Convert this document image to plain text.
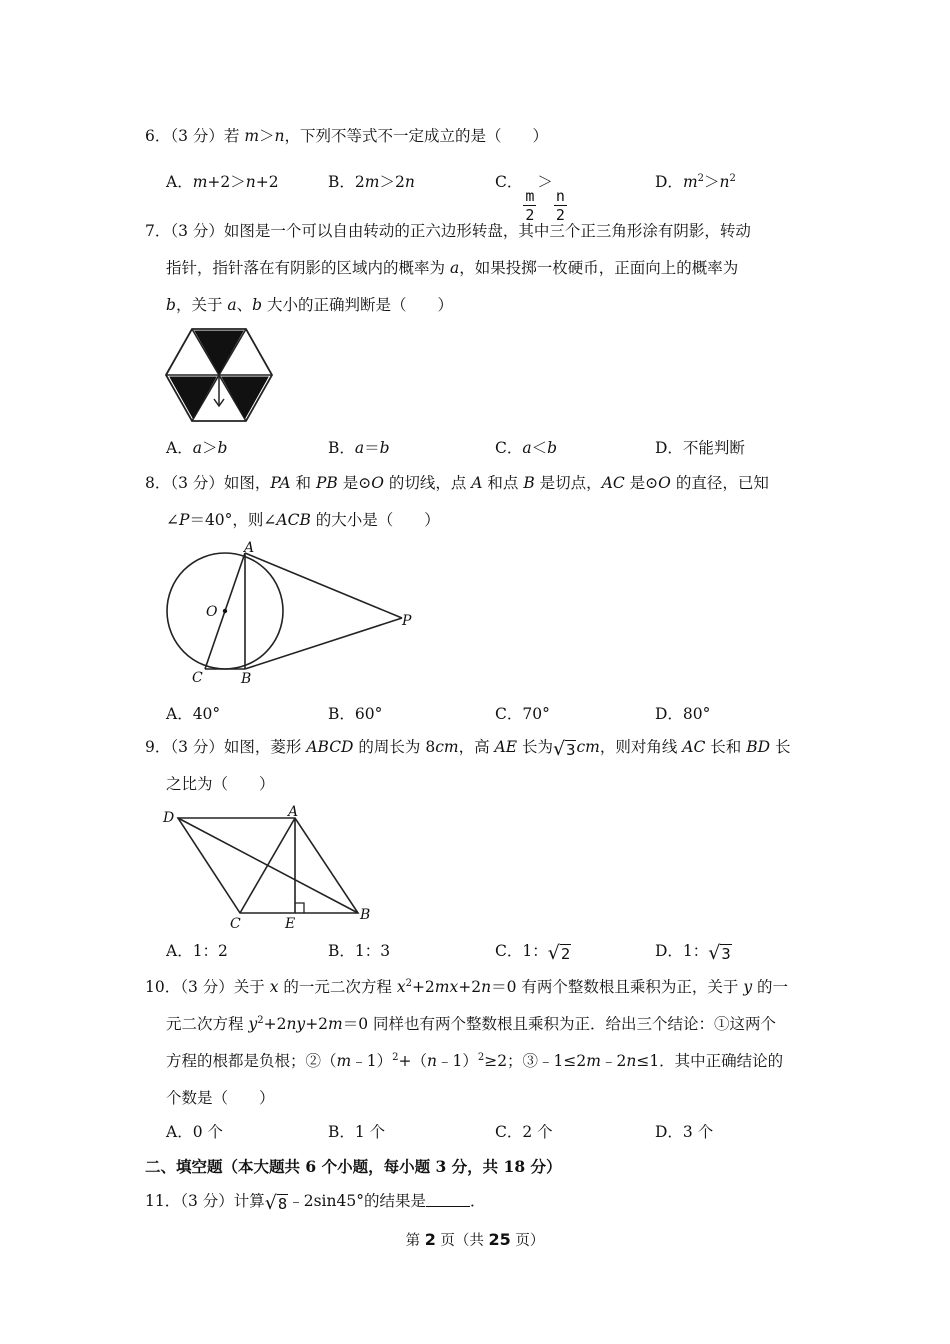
6．（3 分）若 m＞n，下列不等式不一定成立的是（　　）
A．m+2＞n+2	B．2m＞2n	C．
$\frac{m}{2}$
＞
$\frac{n}{2}$
D．$m^2>n^2$
7．（3 分）如图是一个可以自由转动的正六边形转盘，其中三个正三角形涂有阴影，转动
指针，指针落在有阴影的区域内的概率为 a，如果投掷一枚硬币，正面向上的概率为
b，关于 a、b 大小的正确判断是（　　）
A．a＞b	B．a＝b	C．a＜b	D．不能判断
8．（3 分）如图，PA 和 PB 是⊙O 的切线，点 A 和点 B 是切点，AC 是⊙O 的直径，已知
∠P＝40°，则∠ACB 的大小是（　　）
A
O
P
C	B
A．40°	B．60°	C．70°	D．80°
9．（3 分）如图，菱形 ABCD 的周长为 8cm，高 AE 长为 √ 3 cm，则对角线 AC 长和 BD 长
之比为（　　）
D	A
C	E
B
A．1：2	B．1：3	C．1： √ 2	D．1： √ 3
10．（3 分）关于 x 的一元二次方程 $x^2+2mx+2n=0$ 有两个整数根且乘积为正，关于 y 的一
元二次方程 $y^2+2ny+2m=0$ 同样也有两个整数根且乘积为正．给出三个结论：①这两个
方程的根都是负根；②（m﹣1）$^2$+（n﹣1）$^2$≥2；③﹣1≤2m﹣2n≤1．其中正确结论的
个数是（　　）
A．0 个	B．1 个	C．2 个	D．3 个
二、填空题（本大题共 6 个小题，每小题 3 分，共 18 分）
11．（3 分）计算 √ 8 ﹣2sin45°的结果是	．
第 2 页（共 25 页）
